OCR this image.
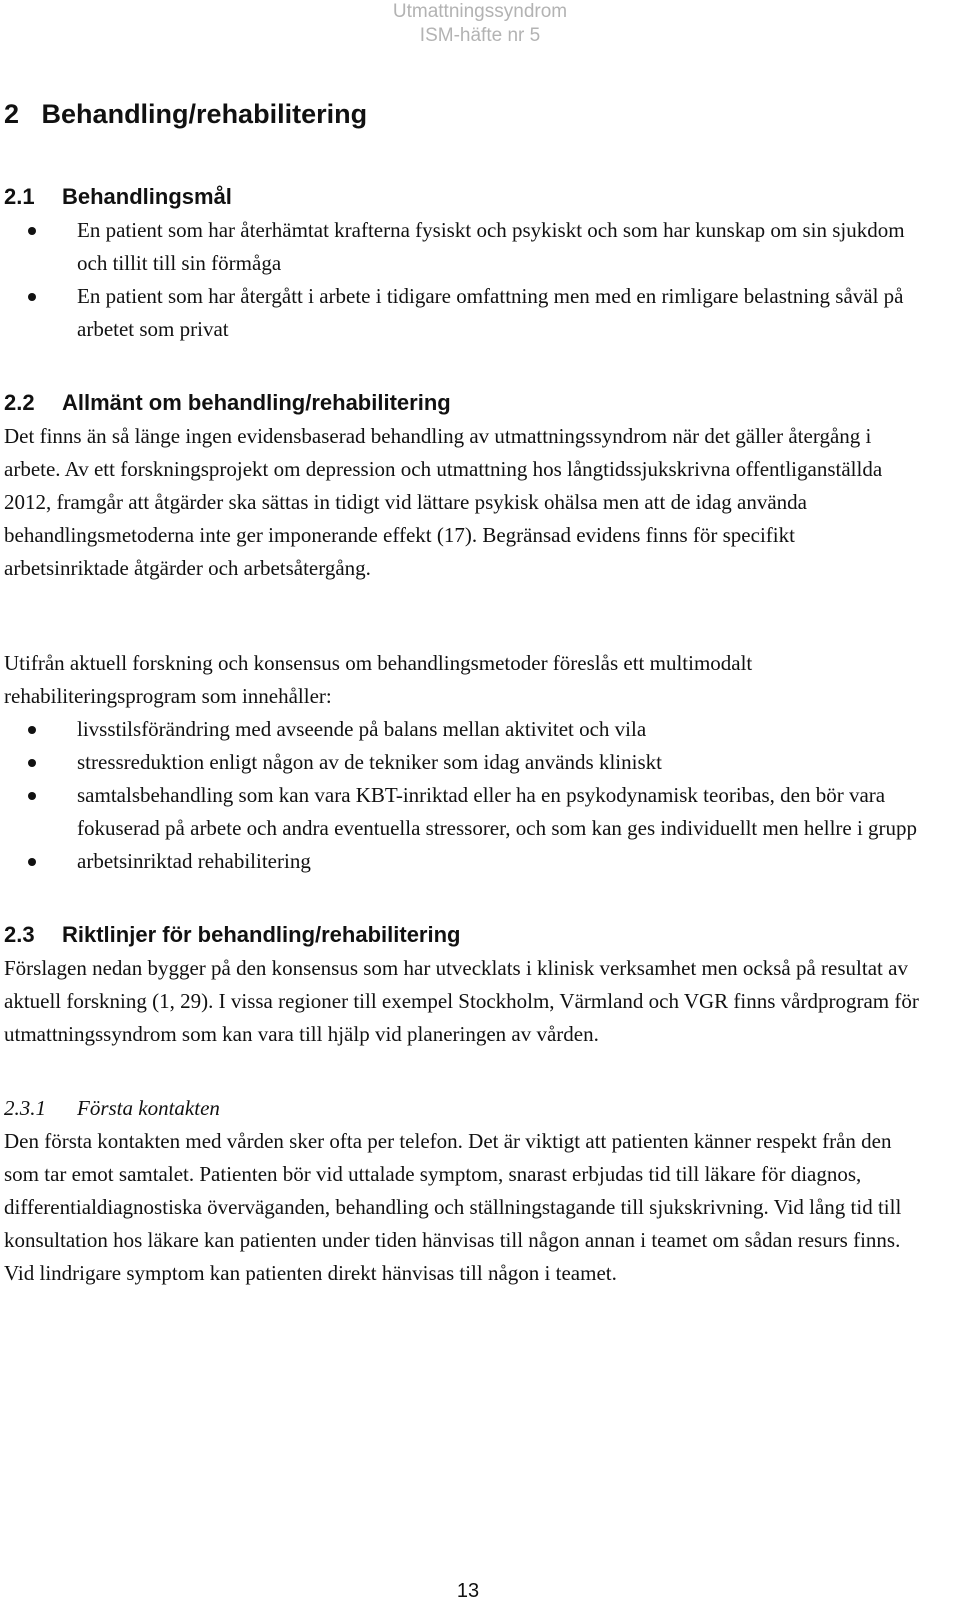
Utmattningssyndrom
ISM-häfte nr 5
2 Behandling/rehabilitering
2.1	Behandlingsmål
En patient som har återhämtat krafterna fysiskt och psykiskt och som har kunskap om sin sjukdom och tillit till sin förmåga
En patient som har återgått i arbete i tidigare omfattning men med en rimligare belastning såväl på arbetet som privat
2.2	Allmänt om behandling/rehabilitering

Det finns än så länge ingen evidensbaserad behandling av utmattningssyndrom när det gäller återgång i arbete. Av ett forskningsprojekt om depression och utmattning hos långtidssjukskrivna offentliganställda 2012, framgår att åtgärder ska sättas in tidigt vid lättare psykisk ohälsa men att de idag använda behandlingsmetoderna inte ger imponerande effekt (17). Begränsad evidens finns för specifikt arbetsinriktade åtgärder och arbetsåtergång.

Utifrån aktuell forskning och konsensus om behandlingsmetoder föreslås ett multimodalt rehabiliteringsprogram som innehåller:

livsstilsförändring med avseende på balans mellan aktivitet och vila
stressreduktion enligt någon av de tekniker som idag används kliniskt
samtalsbehandling som kan vara KBT-inriktad eller ha en psykodynamisk teoribas, den bör vara fokuserad på arbete och andra eventuella stressorer, och som kan ges individuellt men hellre i grupp
arbetsinriktad rehabilitering
2.3	Riktlinjer för behandling/rehabilitering

Förslagen nedan bygger på den konsensus som har utvecklats i klinisk verksamhet men också på resultat av aktuell forskning (1, 29). I vissa regioner till exempel Stockholm, Värmland och VGR finns vårdprogram för utmattningssyndrom som kan vara till hjälp vid planeringen av vården.

2.3.1	Första kontakten

Den första kontakten med vården sker ofta per telefon. Det är viktigt att patienten känner respekt från den som tar emot samtalet. Patienten bör vid uttalade symptom, snarast erbjudas tid till läkare för diagnos, differentialdiagnostiska överväganden, behandling och ställningstagande till sjukskrivning. Vid lång tid till konsultation hos läkare kan patienten under tiden hänvisas till någon annan i teamet om sådan resurs finns. Vid lindrigare symptom kan patienten direkt hänvisas till någon i teamet.

13
